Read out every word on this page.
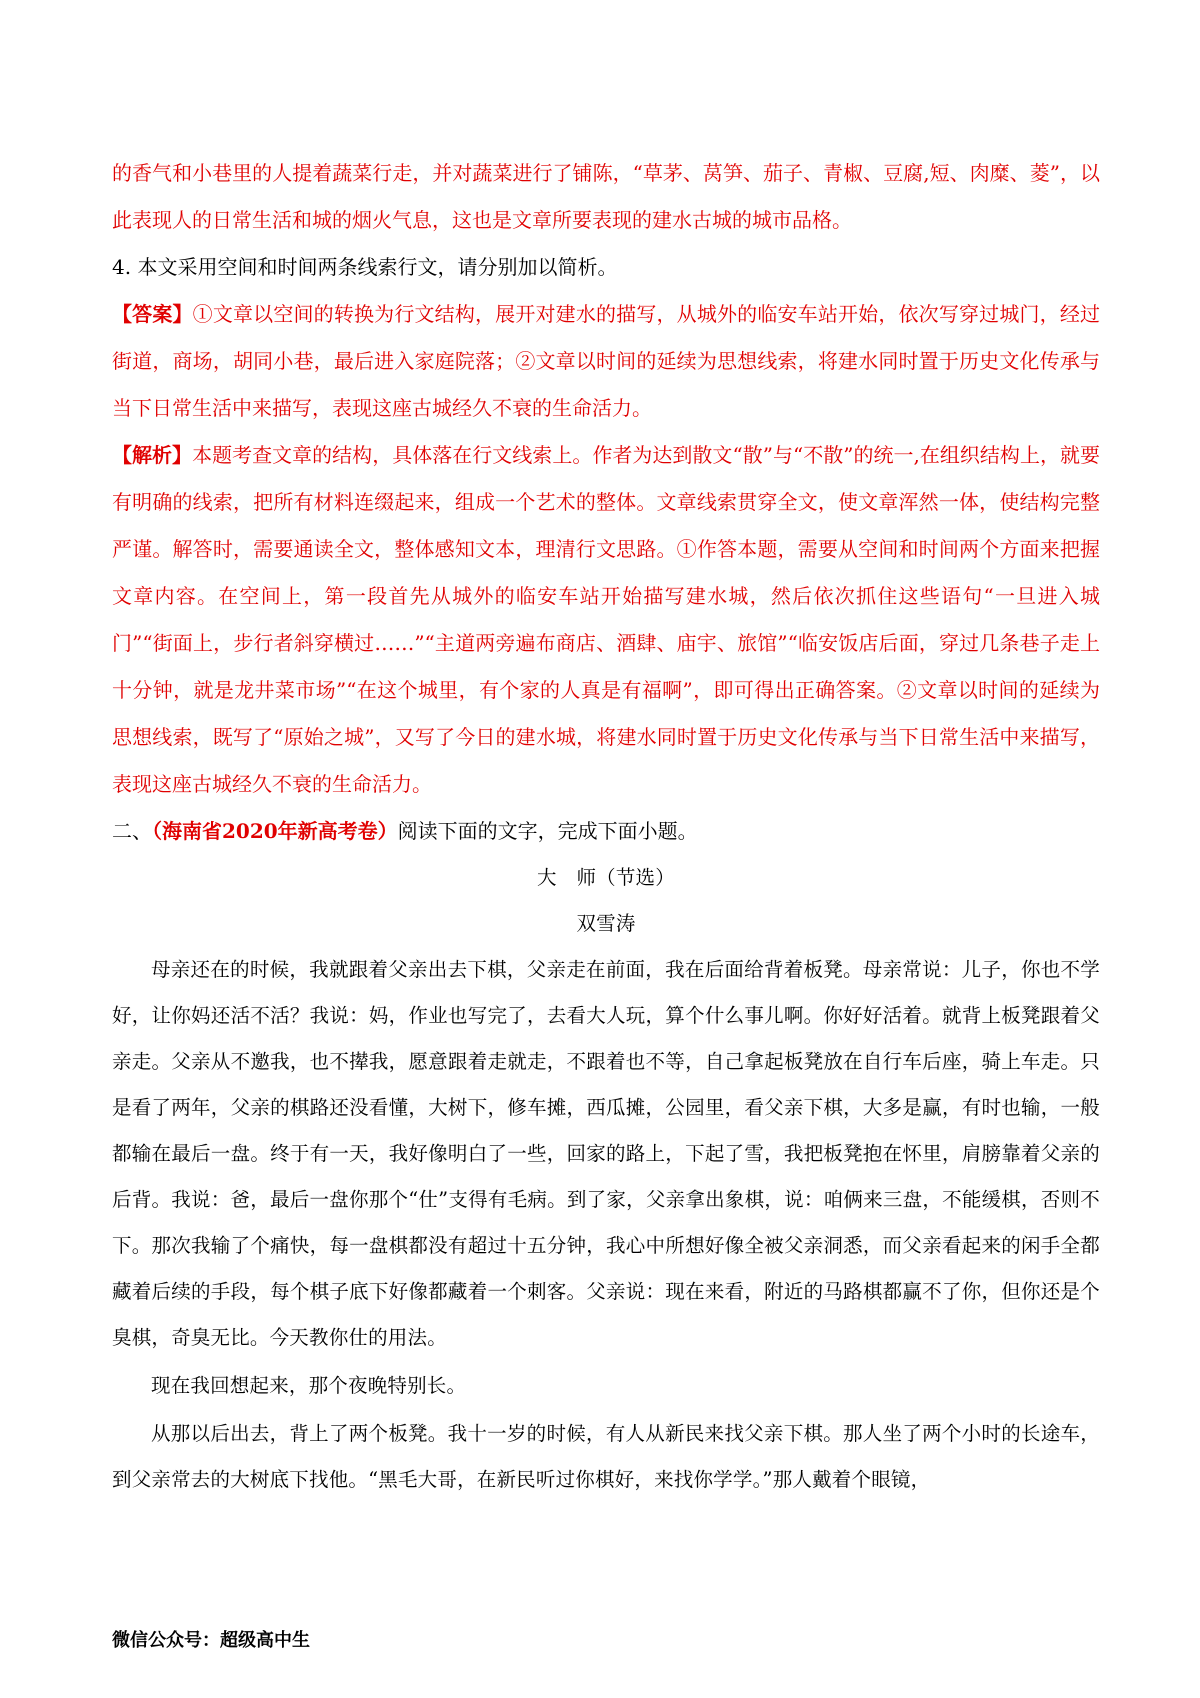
的香气和小巷里的人提着蔬菜行走，并对蔬菜进行了铺陈，“草茅、莴笋、茄子、青椒、豆腐,短、肉糜、菱”，以此表现人的日常生活和城的烟火气息，这也是文章所要表现的建水古城的城市品格。

4. 本文采用空间和时间两条线索行文，请分别加以简析。

【答案】①文章以空间的转换为行文结构，展开对建水的描写，从城外的临安车站开始，依次写穿过城门，经过街道，商场，胡同小巷，最后进入家庭院落；②文章以时间的延续为思想线索，将建水同时置于历史文化传承与当下日常生活中来描写，表现这座古城经久不衰的生命活力。

【解析】本题考查文章的结构，具体落在行文线索上。作者为达到散文“散”与“不散”的统一,在组织结构上，就要有明确的线索，把所有材料连缀起来，组成一个艺术的整体。文章线索贯穿全文，使文章浑然一体，使结构完整严谨。解答时，需要通读全文，整体感知文本，理清行文思路。①作答本题，需要从空间和时间两个方面来把握文章内容。在空间上，第一段首先从城外的临安车站开始描写建水城，然后依次抓住这些语句“一旦进入城门”“街面上，步行者斜穿横过……”“主道两旁遍布商店、酒肆、庙宇、旅馆”“临安饭店后面，穿过几条巷子走上十分钟，就是龙井菜市场”“在这个城里，有个家的人真是有福啊”，即可得出正确答案。②文章以时间的延续为思想线索，既写了“原始之城”，又写了今日的建水城，将建水同时置于历史文化传承与当下日常生活中来描写，表现这座古城经久不衰的生命活力。

二、（海南省2020年新高考卷）阅读下面的文字，完成下面小题。

大　师（节选）

双雪涛

母亲还在的时候，我就跟着父亲出去下棋，父亲走在前面，我在后面给背着板凳。母亲常说：儿子，你也不学好，让你妈还活不活？我说：妈，作业也写完了，去看大人玩，算个什么事儿啊。你好好活着。就背上板凳跟着父亲走。父亲从不邀我，也不撵我，愿意跟着走就走，不跟着也不等，自己拿起板凳放在自行车后座，骑上车走。只是看了两年，父亲的棋路还没看懂，大树下，修车摊，西瓜摊，公园里，看父亲下棋，大多是赢，有时也输，一般都输在最后一盘。终于有一天，我好像明白了一些，回家的路上，下起了雪，我把板凳抱在怀里，肩膀靠着父亲的后背。我说：爸，最后一盘你那个“仕”支得有毛病。到了家，父亲拿出象棋，说：咱俩来三盘，不能缓棋，否则不下。那次我输了个痛快，每一盘棋都没有超过十五分钟，我心中所想好像全被父亲洞悉，而父亲看起来的闲手全都藏着后续的手段，每个棋子底下好像都藏着一个刺客。父亲说：现在来看，附近的马路棋都赢不了你，但你还是个臭棋，奇臭无比。今天教你仕的用法。

现在我回想起来，那个夜晚特别长。

从那以后出去，背上了两个板凳。我十一岁的时候，有人从新民来找父亲下棋。那人坐了两个小时的长途车，到父亲常去的大树底下找他。“黑毛大哥，在新民听过你棋好，来找你学学。”那人戴着个眼镜，

微信公众号：超级高中生
